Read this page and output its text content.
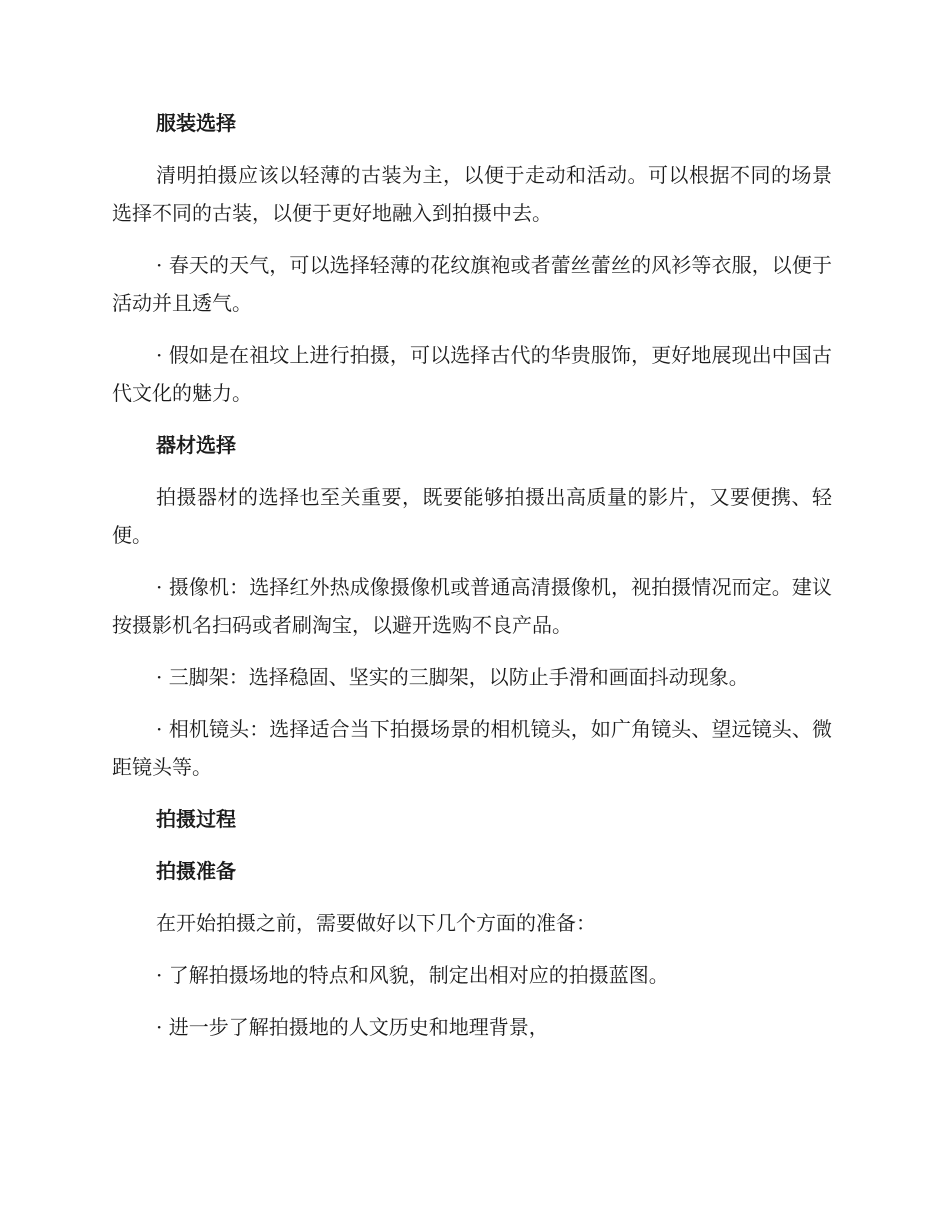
服装选择

清明拍摄应该以轻薄的古装为主，以便于走动和活动。可以根据不同的场景选择不同的古装，以便于更好地融入到拍摄中去。

· 春天的天气，可以选择轻薄的花纹旗袍或者蕾丝蕾丝的风衫等衣服，以便于活动并且透气。

· 假如是在祖坟上进行拍摄，可以选择古代的华贵服饰，更好地展现出中国古代文化的魅力。

器材选择

拍摄器材的选择也至关重要，既要能够拍摄出高质量的影片，又要便携、轻便。

· 摄像机：选择红外热成像摄像机或普通高清摄像机，视拍摄情况而定。建议按摄影机名扫码或者刷淘宝，以避开选购不良产品。

· 三脚架：选择稳固、坚实的三脚架，以防止手滑和画面抖动现象。

· 相机镜头：选择适合当下拍摄场景的相机镜头，如广角镜头、望远镜头、微距镜头等。

拍摄过程
拍摄准备

在开始拍摄之前，需要做好以下几个方面的准备：

· 了解拍摄场地的特点和风貌，制定出相对应的拍摄蓝图。

· 进一步了解拍摄地的人文历史和地理背景，
